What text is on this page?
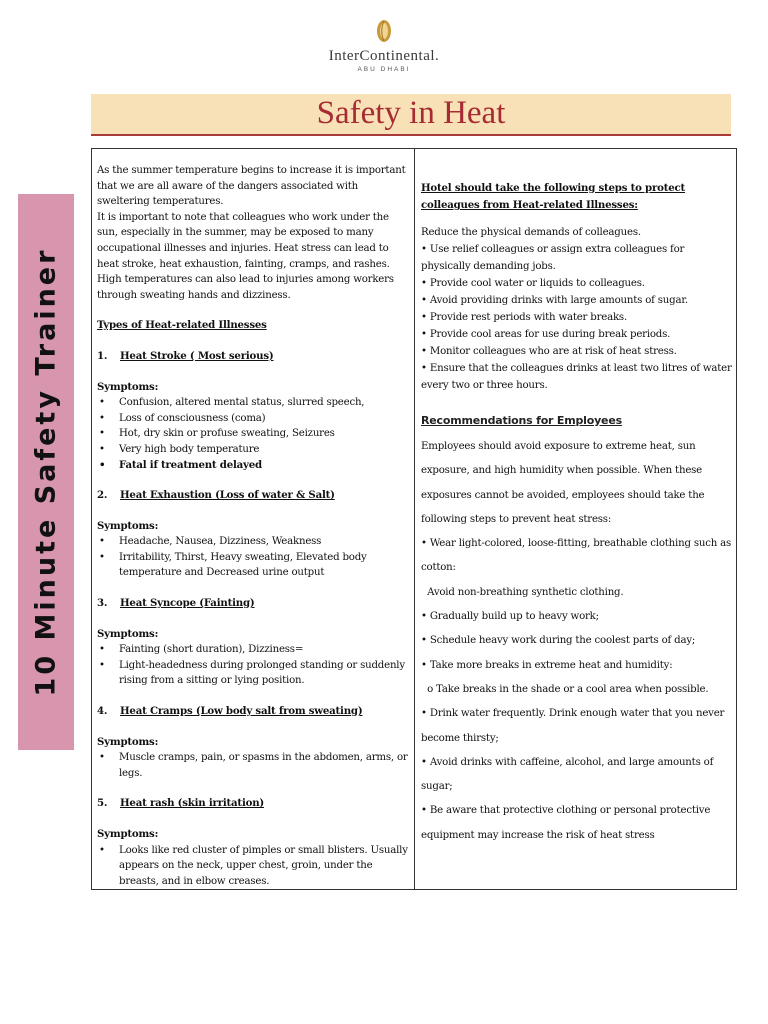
InterContinental.
ABU DHABI
Safety in Heat
10 Minute Safety Trainer

As the summer temperature begins to increase it is important that we are all aware of the dangers associated with sweltering temperatures.

It is important to note that colleagues who work under the sun, especially in the summer, may be exposed to many occupational illnesses and injuries. Heat stress can lead to heat stroke, heat exhaustion, fainting, cramps, and rashes. High temperatures can also lead to injuries among workers through sweating hands and dizziness.

Types of Heat-related Illnesses

1.	Heat Stroke ( Most serious)

Symptoms:

• Confusion, altered mental status, slurred speech,
• Loss of consciousness (coma)
• Hot, dry skin or profuse sweating, Seizures
• Very high body temperature
• Fatal if treatment delayed
2.	Heat Exhaustion (Loss of water & Salt)

Symptoms:

• Headache, Nausea, Dizziness, Weakness
• Irritability, Thirst, Heavy sweating, Elevated body temperature and Decreased urine output
3.	Heat Syncope (Fainting)

Symptoms:

• Fainting (short duration), Dizziness=
• Light-headedness during prolonged standing or suddenly rising from a sitting or lying position.
4.	Heat Cramps (Low body salt from sweating)

Symptoms:

• Muscle cramps, pain, or spasms in the abdomen, arms, or legs.
5.	Heat rash (skin irritation)

Symptoms:

• Looks like red cluster of pimples or small blisters. Usually appears on the neck, upper chest, groin, under the breasts, and in elbow creases.

Hotel should take the following steps to protect colleagues from Heat-related Illnesses:

Reduce the physical demands of colleagues.

• Use relief colleagues or assign extra colleagues for physically demanding jobs.

• Provide cool water or liquids to colleagues.

• Avoid providing drinks with large amounts of sugar.

• Provide rest periods with water breaks.

• Provide cool areas for use during break periods.

• Monitor colleagues who are at risk of heat stress.

• Ensure that the colleagues drinks at least two litres of water every two or three hours.

Recommendations for Employees

Employees should avoid exposure to extreme heat, sun exposure, and high humidity when possible. When these exposures cannot be avoided, employees should take the following steps to prevent heat stress:

• Wear light-colored, loose-fitting, breathable clothing such as cotton:

Avoid non-breathing synthetic clothing.

• Gradually build up to heavy work;

• Schedule heavy work during the coolest parts of day;

• Take more breaks in extreme heat and humidity:

o Take breaks in the shade or a cool area when possible.

• Drink water frequently. Drink enough water that you never become thirsty;

• Avoid drinks with caffeine, alcohol, and large amounts of sugar;

• Be aware that protective clothing or personal protective equipment may increase the risk of heat stress
